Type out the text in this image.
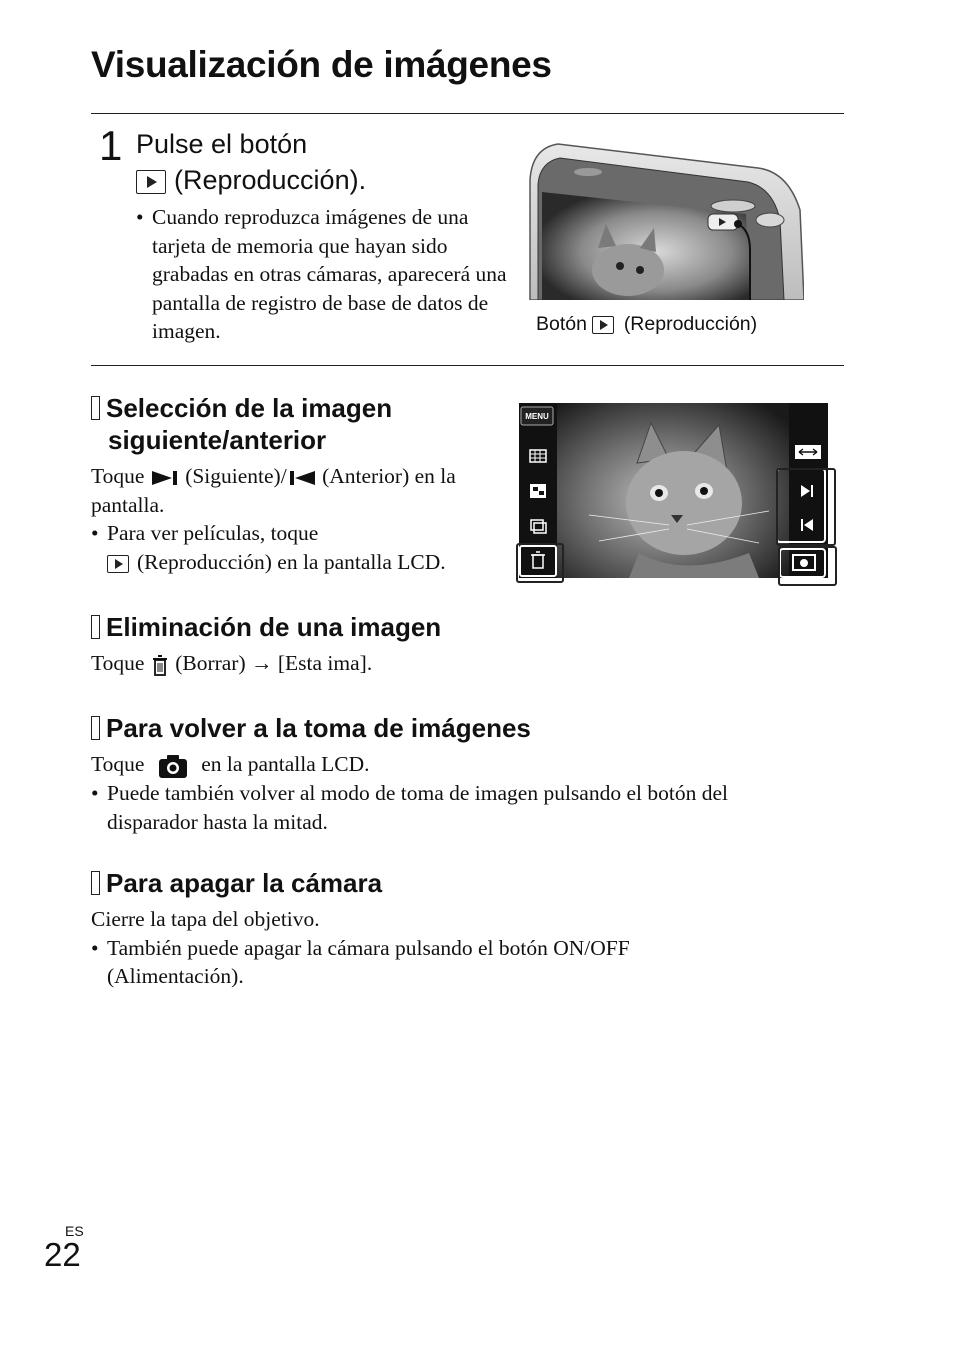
Visualización de imágenes
1 Pulse el botón
(Reproducción).
• Cuando reproduzca imágenes de una tarjeta de memoria que hayan sido grabadas en otras cámaras, aparecerá una pantalla de registro de base de datos de imagen.	Botón (Reproducción)
Selección de la imagen
siguiente/anterior
Toque (Siguiente)/ (Anterior) en la pantalla.
• Para ver películas, toque
(Reproducción) en la pantalla LCD.
MENU
Eliminación de una imagen
Toque (Borrar) → [Esta ima].
Para volver a la toma de imágenes
Toque	en la pantalla LCD.
• Puede también volver al modo de toma de imagen pulsando el botón del disparador hasta la mitad.
Para apagar la cámara
Cierre la tapa del objetivo.
• También puede apagar la cámara pulsando el botón ON/OFF (Alimentación).
ES
22
